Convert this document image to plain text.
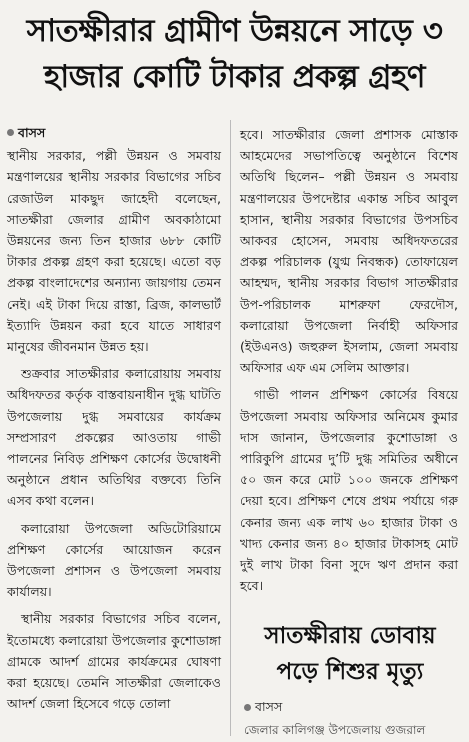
সাতক্ষীরার গ্রামীণ উন্নয়নে সাড়ে ৩ হাজার কোটি টাকার প্রকল্প গ্রহণ
বাসস

স্থানীয় সরকার, পল্লী উন্নয়ন ও সমবায় মন্ত্রণালয়ের স্থানীয় সরকার বিভাগের সচিব রেজাউল মাকছুদ জাহেদী বলেছেন, সাতক্ষীরা জেলার গ্রামীণ অবকাঠামো উন্নয়নের জন্য তিন হাজার ৬৮৮ কোটি টাকার প্রকল্প গ্রহণ করা হয়েছে। এতো বড় প্রকল্প বাংলাদেশের অন্যান্য জায়গায় তেমন নেই। এই টাকা দিয়ে রাস্তা, ব্রিজ, কালভার্ট ইত্যাদি উন্নয়ন করা হবে যাতে সাধারণ মানুষের জীবনমান উন্নত হয়।

শুক্রবার সাতক্ষীরার কলারোয়ায় সমবায় অধিদফতর কর্তৃক বাস্তবায়নাধীন দুগ্ধ ঘাটতি উপজেলায় দুগ্ধ সমবায়ের কার্যক্রম সম্প্রসারণ প্রকল্পের আওতায় গাভী পালনের নিবিড় প্রশিক্ষণ কোর্সের উদ্বোধনী অনুষ্ঠানে প্রধান অতিথির বক্তব্যে তিনি এসব কথা বলেন।

কলারোয়া উপজেলা অডিটোরিয়ামে প্রশিক্ষণ কোর্সের আয়োজন করেন উপজেলা প্রশাসন ও উপজেলা সমবায় কার্যালয়।

স্থানীয় সরকার বিভাগের সচিব বলেন, ইতোমধ্যে কলারোয়া উপজেলার কুশোডাঙ্গা গ্রামকে আদর্শ গ্রামের কার্যক্রমের ঘোষণা করা হয়েছে। তেমনি সাতক্ষীরা জেলাকেও আদর্শ জেলা হিসেবে গড়ে তোলা

হবে। সাতক্ষীরার জেলা প্রশাসক মোস্তাক আহমেদের সভাপতিত্বে অনুষ্ঠানে বিশেষ অতিথি ছিলেন– পল্লী উন্নয়ন ও সমবায় মন্ত্রণালয়ের উপদেষ্টার একান্ত সচিব আবুল হাসান, স্থানীয় সরকার বিভাগের উপসচিব আকবর হোসেন, সমবায় অধিদফতরের প্রকল্প পরিচালক (যুগ্ম নিবন্ধক) তোফায়েল আহম্মদ, স্থানীয় সরকার বিভাগ সাতক্ষীরার উপ-পরিচালক মাশরুফা ফেরদৌস, কলারোয়া উপজেলা নির্বাহী অফিসার (ইউএনও) জহুরুল ইসলাম, জেলা সমবায় অফিসার এফ এম সেলিম আক্তার।

গাভী পালন প্রশিক্ষণ কোর্সের বিষয়ে উপজেলা সমবায় অফিসার অনিমেষ কুমার দাস জানান, উপজেলার কুশোডাঙ্গা ও পারিকুপি গ্রামের দু’টি দুগ্ধ সমিতির অধীনে ৫০ জন করে মোট ১০০ জনকে প্রশিক্ষণ দেয়া হবে। প্রশিক্ষণ শেষে প্রথম পর্যায়ে গরু কেনার জন্য এক লাখ ৬০ হাজার টাকা ও খাদ্য কেনার জন্য ৪০ হাজার টাকাসহ মোট দুই লাখ টাকা বিনা সুদে ঋণ প্রদান করা হবে।

সাতক্ষীরায় ডোবায় পড়ে শিশুর মৃত্যু
বাসস
জেলার কালিগঞ্জ উপজেলায় গুজরাল
